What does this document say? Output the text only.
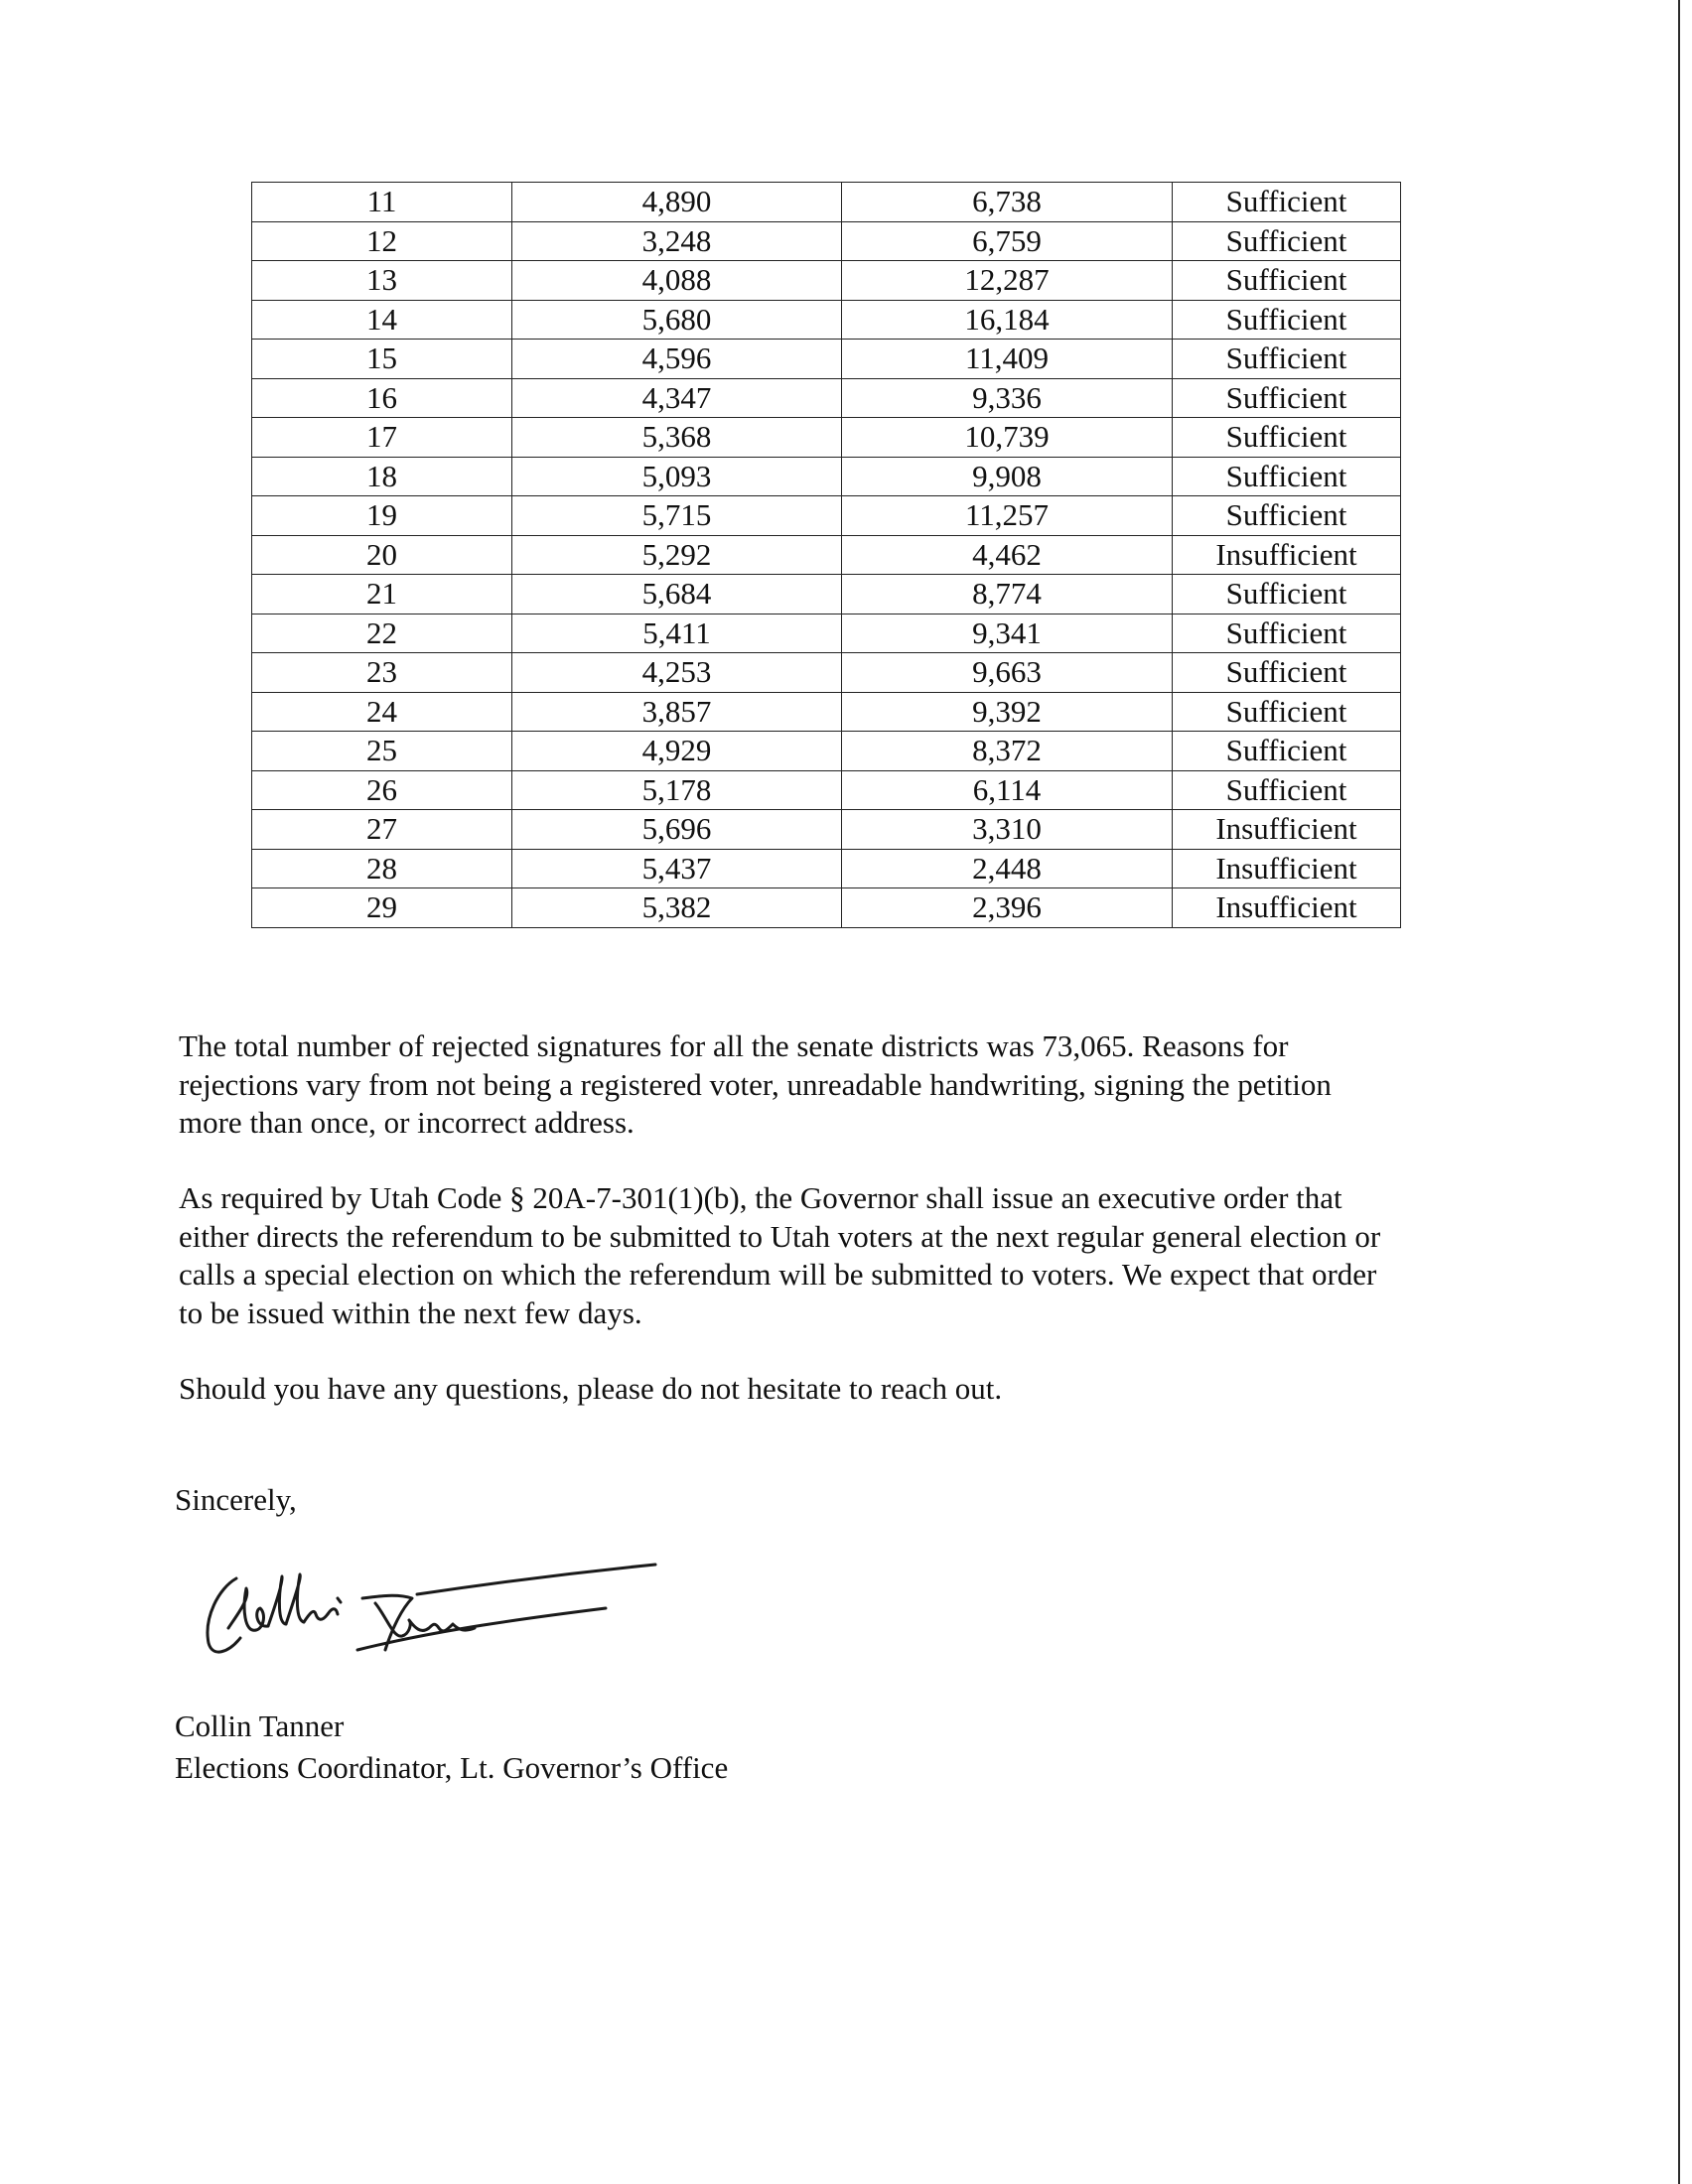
11	4,890	6,738	Sufficient
12	3,248	6,759	Sufficient
13	4,088	12,287	Sufficient
14	5,680	16,184	Sufficient
15	4,596	11,409	Sufficient
16	4,347	9,336	Sufficient
17	5,368	10,739	Sufficient
18	5,093	9,908	Sufficient
19	5,715	11,257	Sufficient
20	5,292	4,462	Insufficient
21	5,684	8,774	Sufficient
22	5,411	9,341	Sufficient
23	4,253	9,663	Sufficient
24	3,857	9,392	Sufficient
25	4,929	8,372	Sufficient
26	5,178	6,114	Sufficient
27	5,696	3,310	Insufficient
28	5,437	2,448	Insufficient
29	5,382	2,396	Insufficient

The total number of rejected signatures for all the senate districts was 73,065. Reasons for
rejections vary from not being a registered voter, unreadable handwriting, signing the petition
more than once, or incorrect address.

As required by Utah Code § 20A-7-301(1)(b), the Governor shall issue an executive order that
either directs the referendum to be submitted to Utah voters at the next regular general election or
calls a special election on which the referendum will be submitted to voters. We expect that order
to be issued within the next few days.

Should you have any questions, please do not hesitate to reach out.

Sincerely,
Collin Tanner
Elections Coordinator, Lt. Governor’s Office
